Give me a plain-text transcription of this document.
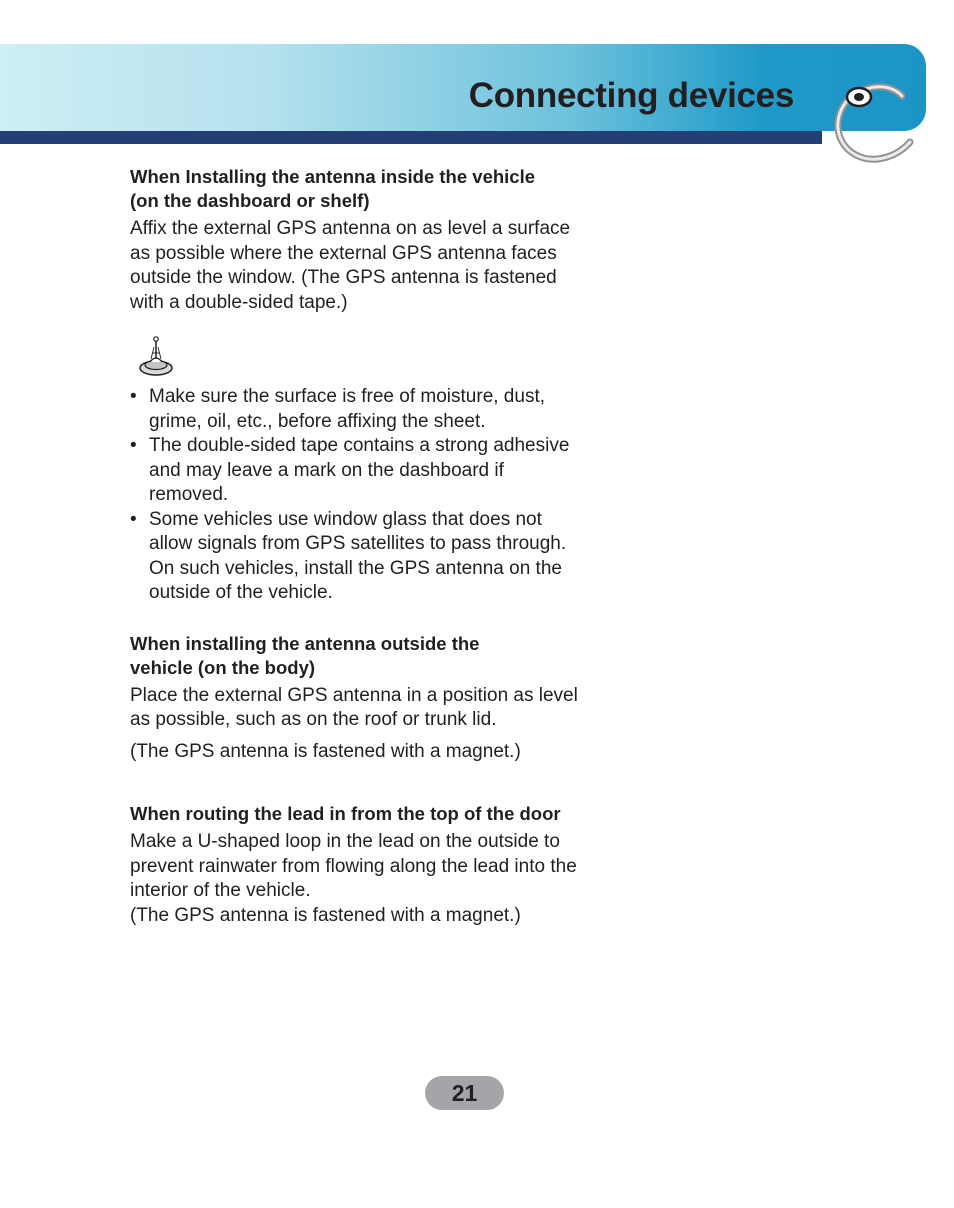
Connecting devices

When Installing the antenna inside the vehicle
(on the dashboard or shelf)

Affix the external GPS antenna on as level a surface
as possible where the external GPS antenna faces
outside the window. (The GPS antenna is fastened
with a double-sided tape.)

• Make sure the surface is free of moisture, dust,
grime, oil, etc., before affixing the sheet.
• The double-sided tape contains a strong adhesive
and may leave a mark on the dashboard if
removed.
• Some vehicles use window glass that does not
allow signals from GPS satellites to pass through.
On such vehicles, install the GPS antenna on the
outside of the vehicle.

When installing the antenna outside the
vehicle (on the body)

Place the external GPS antenna in a position as level
as possible, such as on the roof or trunk lid.

(The GPS antenna is fastened with a magnet.)

When routing the lead in from the top of the door

Make a U-shaped loop in the lead on the outside to
prevent rainwater from flowing along the lead into the
interior of the vehicle.
(The GPS antenna is fastened with a magnet.)

21
